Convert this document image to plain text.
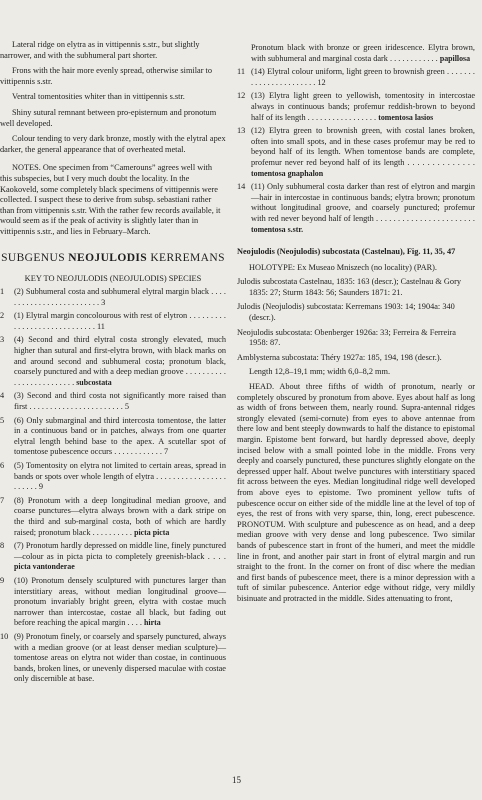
Lateral ridge on elytra as in vittipennis s.str., but slightly narrower, and with the subhumeral part shorter.

Frons with the hair more evenly spread, otherwise similar to vittipennis s.str.

Ventral tomentosities whiter than in vittipennis s.str.

Shiny sutural remnant between pro-episternum and pronotum well developed.

Colour tending to very dark bronze, mostly with the elytral apex darker, the general appearance that of overheated metal.

NOTES. One specimen from “Camerouns” agrees well with this subspecies, but I very much doubt the locality. In the Kaokoveld, some completely black specimens of vittipennis were collected. I suspect these to derive from subsp. sebastiani rather than from vittipennis s.str. With the rather few records available, it would seem as if the peak of activity is slightly later than in vittipennis s.str., and lies in February–March.

SUBGENUS NEOJULODIS KERREMANS
KEY TO NEOJULODIS (NEOJULODIS) SPECIES
1	(2) Subhumeral costa and subhumeral elytral margin black . . . . . . . . . . . . . . . . . . . . . . . . . 3
2	(1) Elytral margin concolourous with rest of elytron . . . . . . . . . . . . . . . . . . . . . . . . . . . . . 11
3	(4) Second and third elytral costa strongly elevated, much higher than sutural and first-elytra brown, with black marks on and around second and subhumeral costa; pronotum black, coarsely punctured and with a deep median groove . . . . . . . . . . . . . . . . . . . . . . . . . subcostata
4	(3) Second and third costa not significantly more raised than first . . . . . . . . . . . . . . . . . . . . . . . 5
5	(6) Only submarginal and third intercosta tomentose, the latter in a continuous band or in patches, always from one quarter elytral length behind base to the apex. A scutellar spot of tomentose pubescence occurs . . . . . . . . . . . . 7
6	(5) Tomentosity on elytra not limited to certain areas, spread in bands or spots over whole length of elytra . . . . . . . . . . . . . . . . . . . . . . . 9
7	(8) Pronotum with a deep longitudinal median groove, and coarse punctures—elytra always brown with a dark stripe on the third and sub-marginal costa, both of which are hardly raised; pronotum black . . . . . . . . . . picta picta
8	(7) Pronotum hardly depressed on middle line, finely punctured—colour as in picta picta to completely greenish-black . . . . picta vantonderae
9	(10) Pronotum densely sculptured with punctures larger than interstitiary areas, without median longitudinal groove—pronotum invariably bright green, elytra with costae much narrower than intercostae, costae all black, but fading out before reaching the apical margin . . . . hirta
10 (9) Pronotum finely, or coarsely and sparsely punctured, always with a median groove (or at least denser median sculpture)—tomentose areas on elytra not wider than costae, in continuous bands, broken lines, or unevenly dispersed maculae with costae only discernible at base.
Pronotum black with bronze or green iridescence. Elytra brown, with subhumeral and marginal costa dark . . . . . . . . . . . . papillosa
11 (14) Elytral colour uniform, light green to brownish green . . . . . . . . . . . . . . . . . . . . . . . 12
12 (13) Elytra light green to yellowish, tomentosity in intercostae always in continuous bands; profemur reddish-brown to beyond half of its length . . . . . . . . . . . . . . . . . tomentosa lasios
13 (12) Elytra green to brownish green, with costal lanes broken, often into small spots, and in these cases profemur may be red to beyond half of its length. When tomentose bands are complete, profemur never red beyond half of its length . . . . . . . . . . . . . . tomentosa gnaphalon
14 (11) Only subhumeral costa darker than rest of elytron and margin—hair in intercostae in continuous bands; elytra brown; pronotum without longitudinal groove, and coarsely punctured; profemur with red never beyond half of length . . . . . . . . . . . . . . . . . . . . . . . tomentosa s.str.

Neojulodis (Neojulodis) subcostata (Castelnau), Fig. 11, 35, 47

HOLOTYPE: Ex Museao Mniszech (no locality) (PAR).

Julodis subcostata Castelnau, 1835: 163 (descr.); Castelnau & Gory 1835: 27; Sturm 1843: 56; Saunders 1871: 21.

Julodis (Neojulodis) subcostata: Kerremans 1903: 14; 1904a: 340 (descr.).

Neojulodis subcostata: Obenberger 1926a: 33; Ferreira & Ferreira 1958: 87.

Amblysterna subcostata: Théry 1927a: 185, 194, 198 (descr.).

Length 12,8–19,1 mm; width 6,0–8,2 mm.

HEAD. About three fifths of width of pronotum, nearly or completely obscured by pronotum from above. Eyes about half as long as width of frons between them, nearly round. Supra-antennal ridges strongly elevated (semi-cornute) from eyes to above antennae from there low and bent steeply downwards to half the distance to epistomal margin. Epistome bent forward, but hardly depressed above, deeply incised below with a small pointed lobe in the middle. Frons very deeply and coarsely punctured, these punctures slightly elongate on the depressed upper half. About twelve punctures with interstitiary spaced fit across between the eyes. Median longitudinal ridge well developed from above eyes to epistome. Two prominent yellow tufts of pubescence occur on either side of the middle line at the level of top of eyes, the rest of frons with very sparse, thin, long, erect pubescence. PRONOTUM. With sculpture and pubescence as on head, and a deep median groove with very dense and long pubescence. Two similar bands of pubescence start in front of the humeri, and meet the middle line in front, and another pair start in front of elytral margin and run straight to the front. In the corner on front of disc where the median and first bands of pubescence meet, there is a minor depression with a tuft of similar pubescence. Anterior edge without ridge, very mildly bisinuate and protracted in the middle. Sides attenuating to front,

15
